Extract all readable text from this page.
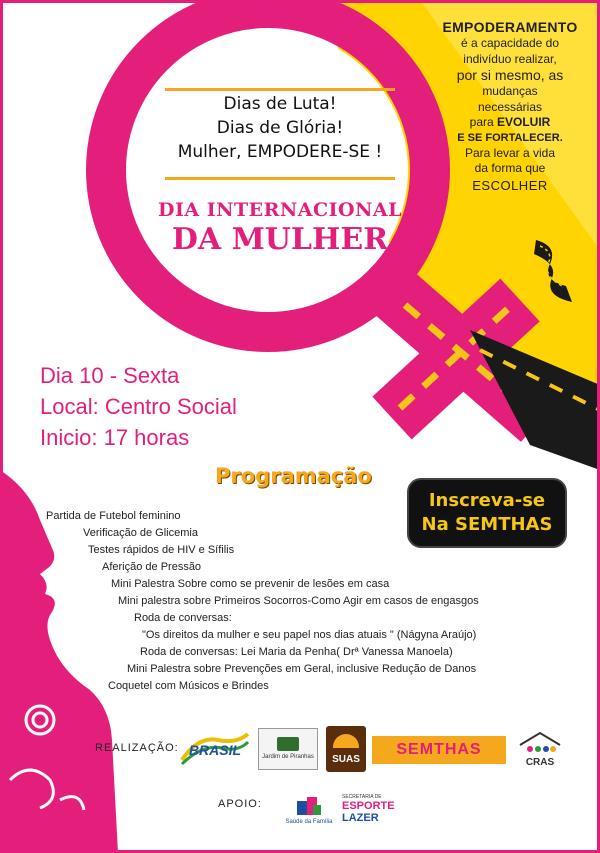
Dias de Luta!
Dias de Glória!
Mulher, EMPODERE-SE !
DIA INTERNACIONAL
DA MULHER
EMPODERAMENTO
é a capacidade do
indivíduo realizar,
por si mesmo, as
mudanças
necessárias
para EVOLUIR
E SE FORTALECER.
Para levar a vida
da forma que
ESCOLHER
Dia 10 - Sexta
Local: Centro Social
Inicio: 17 horas
Programação
Inscreva-se
Na SEMTHAS
Partida de Futebol feminino
Verificação de Glicemia
Testes rápidos de HIV e Sífilis
Aferição de Pressão
Mini Palestra Sobre como se prevenir de lesões em casa
Mini palestra sobre Primeiros Socorros-Como Agir em casos de engasgos
Roda de conversas:
"Os direitos da mulher e seu papel nos dias atuais " (Nágyna Araújo)
Roda de conversas: Lei Maria da Penha( Drª Vanessa Manoela)
Mini Palestra sobre Prevenções em Geral, inclusive Redução de Danos
Coquetel com Músicos e Brindes
REALIZAÇÃO: BRASIL	Jardim de Piranhas SUAS
SEMTHAS
CRAS
APOIO:
Saúde da Família
SECRETARIA DE
ESPORTE
LAZER
